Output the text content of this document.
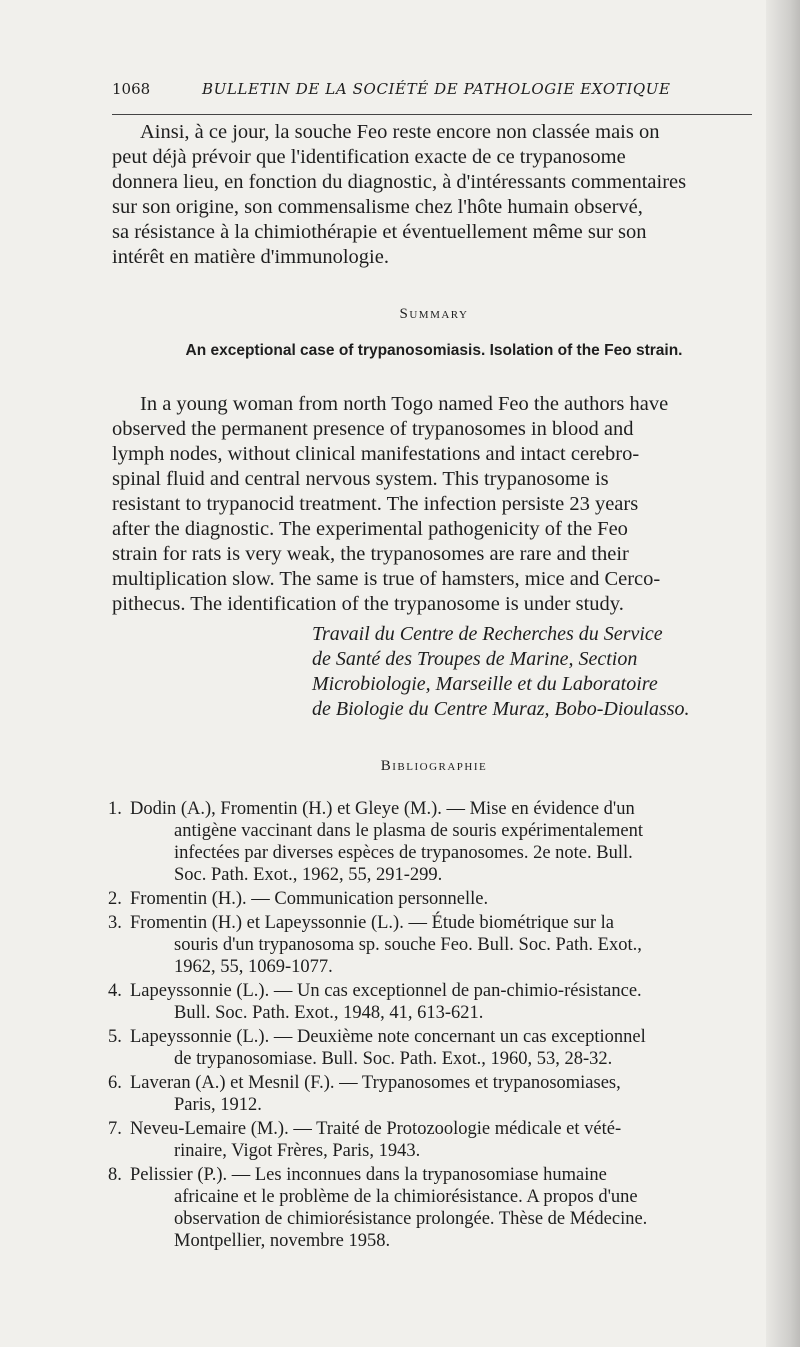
1068	BULLETIN DE LA SOCIÉTÉ DE PATHOLOGIE EXOTIQUE

Ainsi, à ce jour, la souche Feo reste encore non classée mais on
peut déjà prévoir que l'identification exacte de ce trypanosome
donnera lieu, en fonction du diagnostic, à d'intéressants commentaires
sur son origine, son commensalisme chez l'hôte humain observé,
sa résistance à la chimiothérapie et éventuellement même sur son
intérêt en matière d'immunologie.

Summary
An exceptional case of trypanosomiasis. Isolation of the Feo strain.

In a young woman from north Togo named Feo the authors have
observed the permanent presence of trypanosomes in blood and
lymph nodes, without clinical manifestations and intact cerebro-
spinal fluid and central nervous system. This trypanosome is
resistant to trypanocid treatment. The infection persiste 23 years
after the diagnostic. The experimental pathogenicity of the Feo
strain for rats is very weak, the trypanosomes are rare and their
multiplication slow. The same is true of hamsters, mice and Cerco-
pithecus. The identification of the trypanosome is under study.

Travail du Centre de Recherches du Service
de Santé des Troupes de Marine, Section
Microbiologie, Marseille et du Laboratoire
de Biologie du Centre Muraz, Bobo-Dioulasso.

Bibliographie
1. Dodin (A.), Fromentin (H.) et Gleye (M.). — Mise en évidence d'un
antigène vaccinant dans le plasma de souris expérimentalement
infectées par diverses espèces de trypanosomes. 2e note. Bull.
Soc. Path. Exot., 1962, 55, 291-299.
2. Fromentin (H.). — Communication personnelle.
3. Fromentin (H.) et Lapeyssonnie (L.). — Étude biométrique sur la
souris d'un trypanosoma sp. souche Feo. Bull. Soc. Path. Exot.,
1962, 55, 1069-1077.
4. Lapeyssonnie (L.). — Un cas exceptionnel de pan-chimio-résistance.
Bull. Soc. Path. Exot., 1948, 41, 613-621.
5. Lapeyssonnie (L.). — Deuxième note concernant un cas exceptionnel
de trypanosomiase. Bull. Soc. Path. Exot., 1960, 53, 28-32.
6. Laveran (A.) et Mesnil (F.). — Trypanosomes et trypanosomiases,
Paris, 1912.
7. Neveu-Lemaire (M.). — Traité de Protozoologie médicale et vété-
rinaire, Vigot Frères, Paris, 1943.
8. Pelissier (P.). — Les inconnues dans la trypanosomiase humaine
africaine et le problème de la chimiorésistance. A propos d'une
observation de chimiorésistance prolongée. Thèse de Médecine.
Montpellier, novembre 1958.
